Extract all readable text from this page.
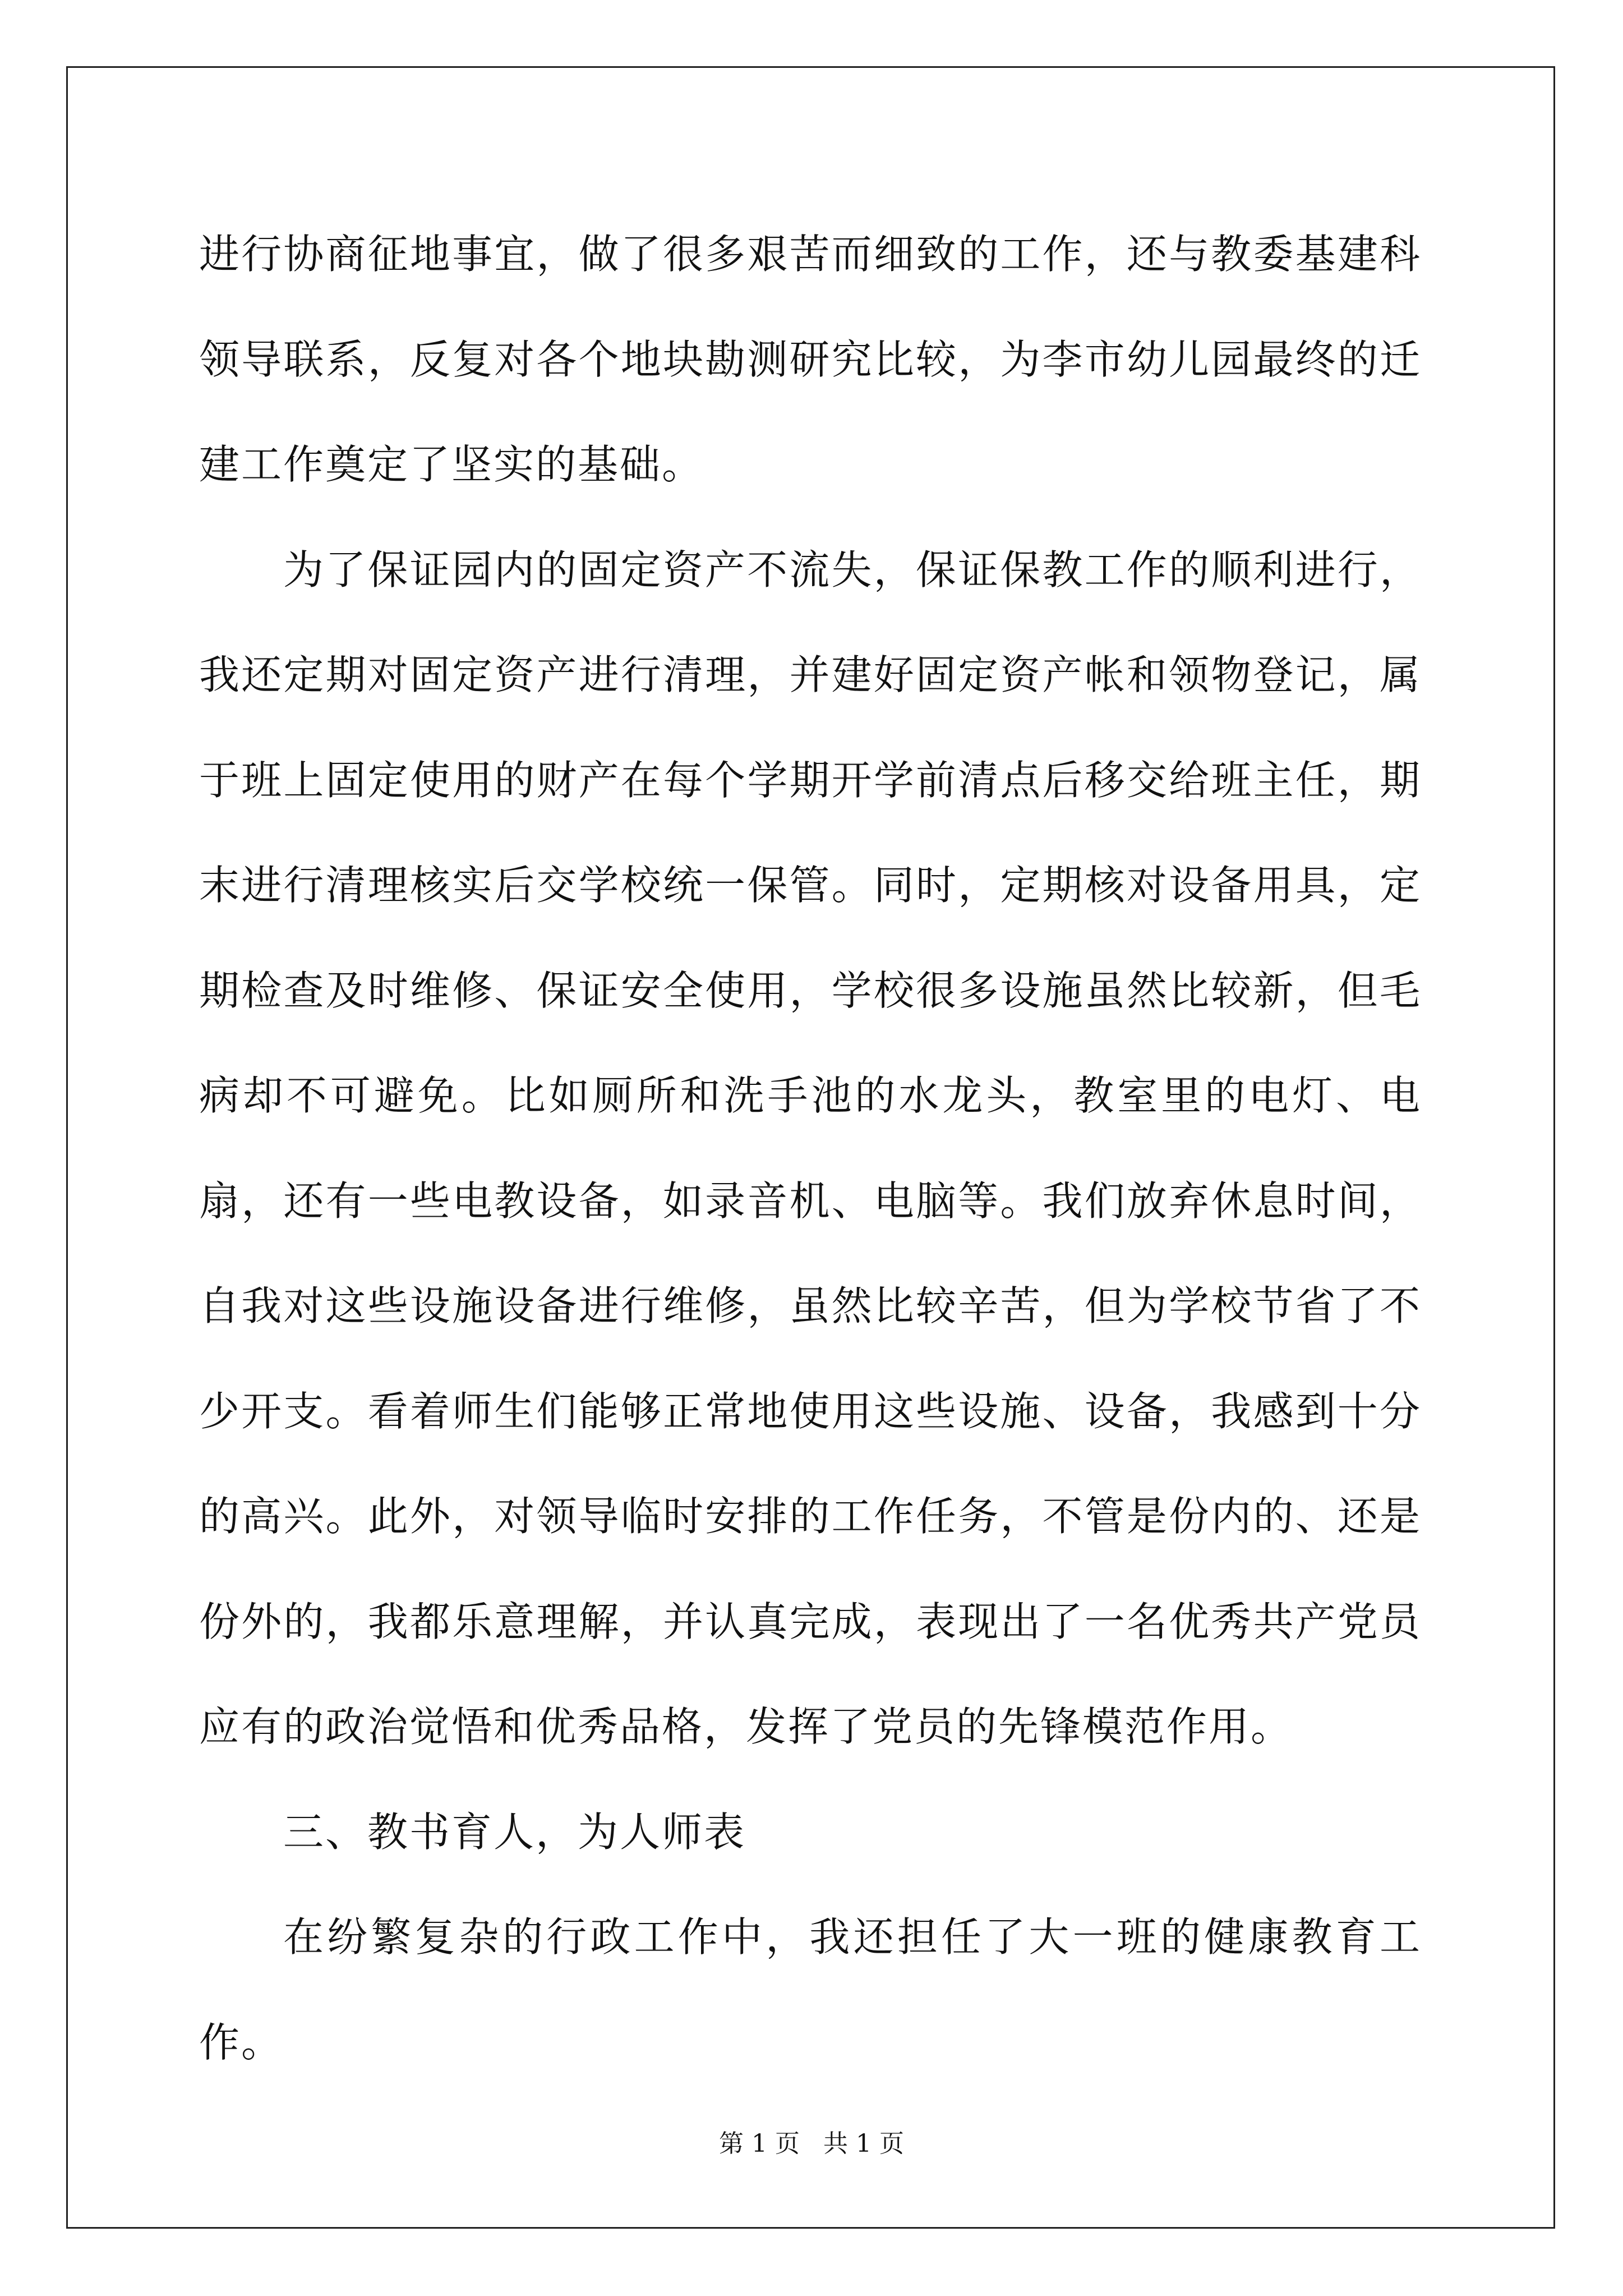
进行协商征地事宜，做了很多艰苦而细致的工作，还与教委基建科领导联系，反复对各个地块勘测研究比较，为李市幼儿园最终的迁建工作奠定了坚实的基础。

为了保证园内的固定资产不流失，保证保教工作的顺利进行，我还定期对固定资产进行清理，并建好固定资产帐和领物登记，属于班上固定使用的财产在每个学期开学前清点后移交给班主任，期末进行清理核实后交学校统一保管。同时，定期核对设备用具，定期检查及时维修、保证安全使用，学校很多设施虽然比较新，但毛病却不可避免。比如厕所和洗手池的水龙头，教室里的电灯、电扇，还有一些电教设备，如录音机、电脑等。我们放弃休息时间，自我对这些设施设备进行维修，虽然比较辛苦，但为学校节省了不少开支。看着师生们能够正常地使用这些设施、设备，我感到十分的高兴。此外，对领导临时安排的工作任务，不管是份内的、还是份外的，我都乐意理解，并认真完成，表现出了一名优秀共产党员应有的政治觉悟和优秀品格，发挥了党员的先锋模范作用。

三、教书育人，为人师表

在纷繁复杂的行政工作中，我还担任了大一班的健康教育工作。

第 1 页 共 1 页
